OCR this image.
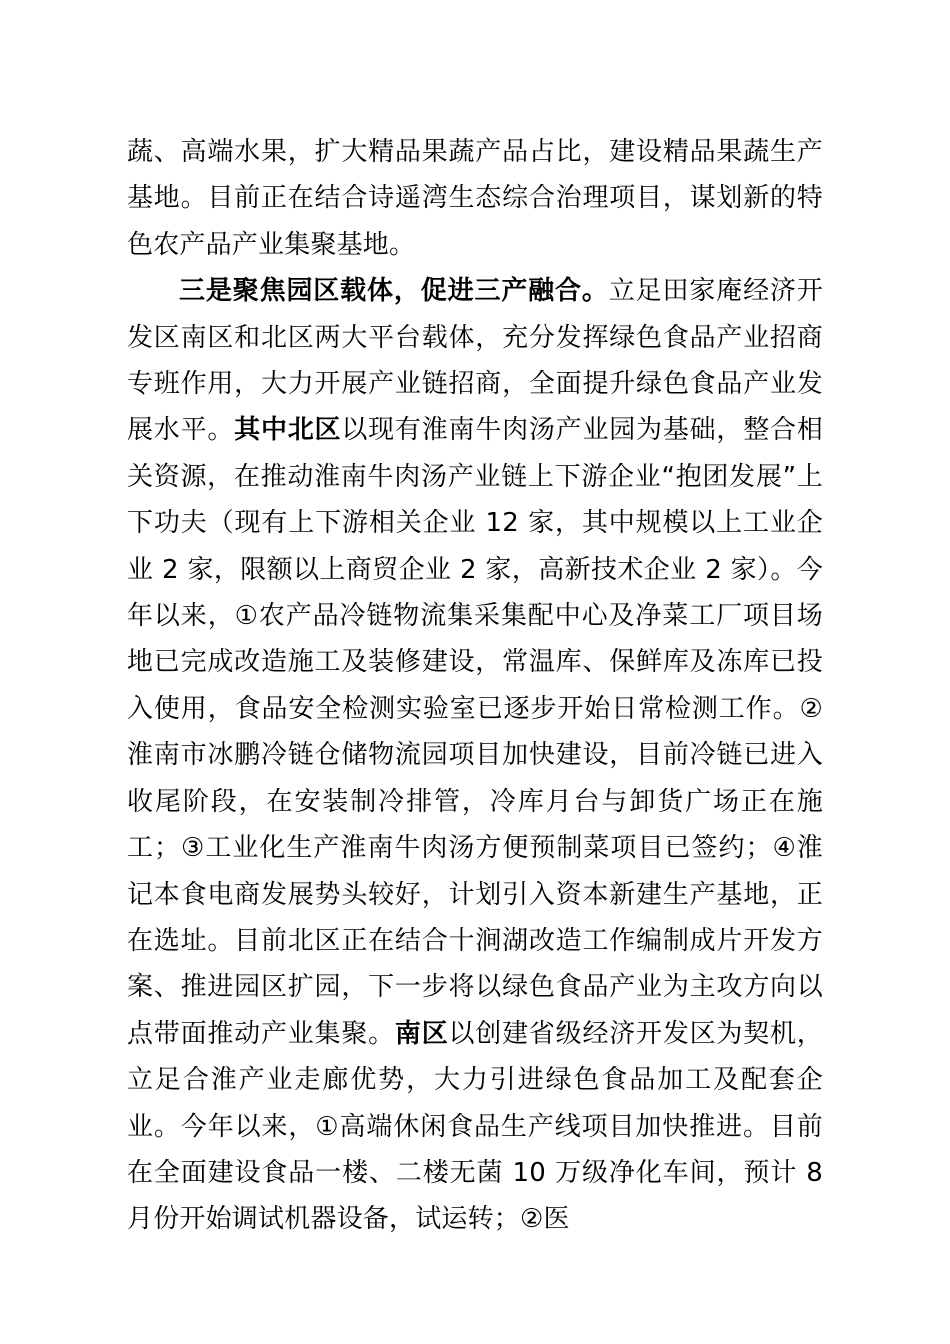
蔬、高端水果，扩大精品果蔬产品占比，建设精品果蔬生产基地。目前正在结合诗遥湾生态综合治理项目，谋划新的特色农产品产业集聚基地。

三是聚焦园区载体，促进三产融合。立足田家庵经济开发区南区和北区两大平台载体，充分发挥绿色食品产业招商专班作用，大力开展产业链招商，全面提升绿色食品产业发展水平。其中北区以现有淮南牛肉汤产业园为基础，整合相关资源，在推动淮南牛肉汤产业链上下游企业“抱团发展”上下功夫（现有上下游相关企业 12 家，其中规模以上工业企业 2 家，限额以上商贸企业 2 家，高新技术企业 2 家）。今年以来，①农产品冷链物流集采集配中心及净菜工厂项目场地已完成改造施工及装修建设，常温库、保鲜库及冻库已投入使用，食品安全检测实验室已逐步开始日常检测工作。②淮南市冰鹏冷链仓储物流园项目加快建设，目前冷链已进入收尾阶段，在安装制冷排管，冷库月台与卸货广场正在施工；③工业化生产淮南牛肉汤方便预制菜项目已签约；④淮记本食电商发展势头较好，计划引入资本新建生产基地，正在选址。目前北区正在结合十涧湖改造工作编制成片开发方案、推进园区扩园，下一步将以绿色食品产业为主攻方向以点带面推动产业集聚。南区以创建省级经济开发区为契机，立足合淮产业走廊优势，大力引进绿色食品加工及配套企业。今年以来，①高端休闲食品生产线项目加快推进。目前在全面建设食品一楼、二楼无菌 10 万级净化车间，预计 8 月份开始调试机器设备，试运转；②医
